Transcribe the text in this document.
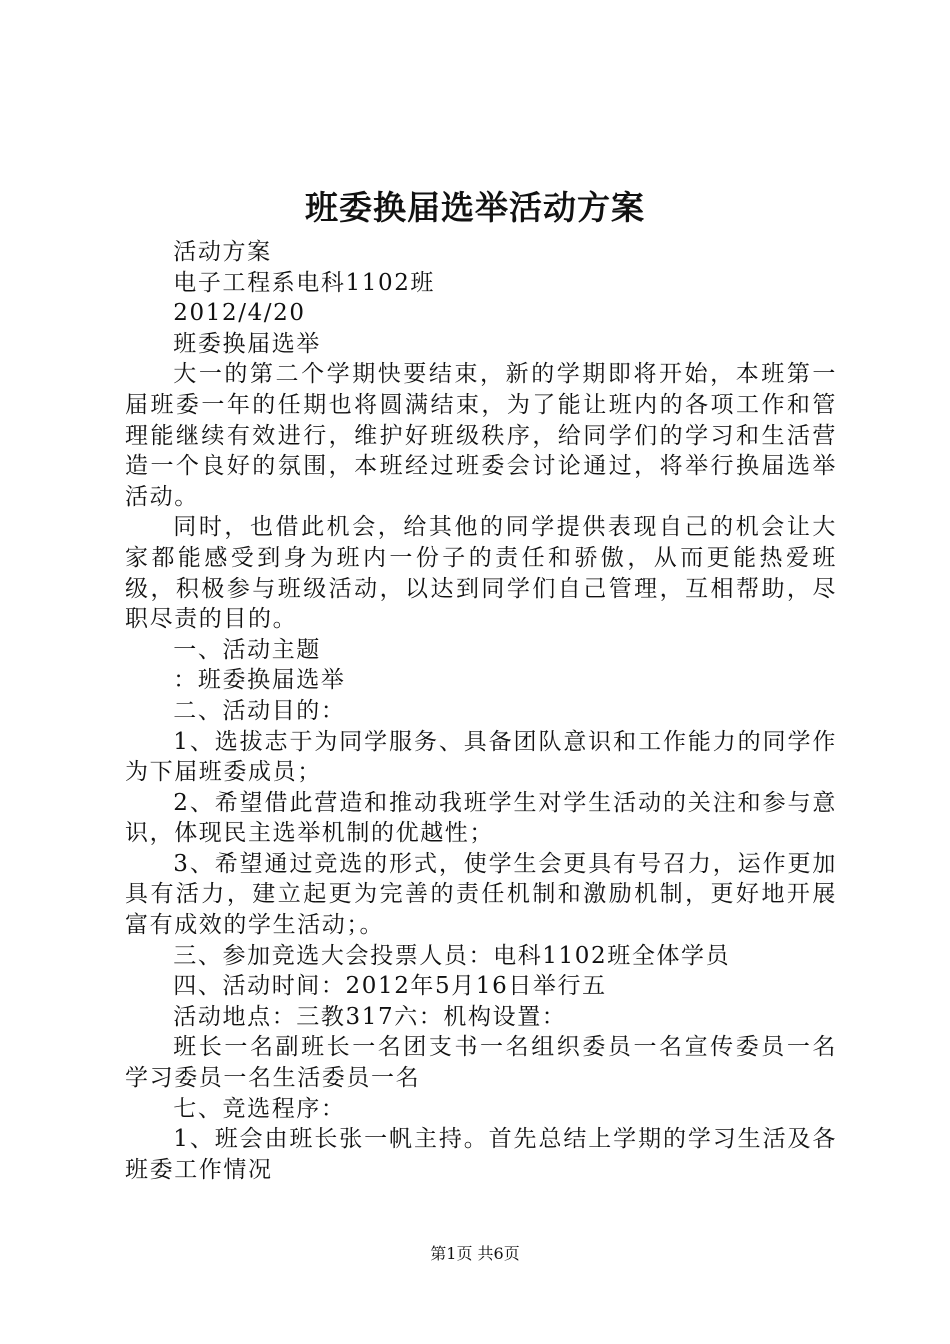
班委换届选举活动方案

活动方案

电子工程系电科1102班

2012/4/20

班委换届选举

大一的第二个学期快要结束，新的学期即将开始，本班第一届班委一年的任期也将圆满结束，为了能让班内的各项工作和管理能继续有效进行，维护好班级秩序，给同学们的学习和生活营造一个良好的氛围，本班经过班委会讨论通过，将举行换届选举活动。

同时，也借此机会，给其他的同学提供表现自己的机会让大家都能感受到身为班内一份子的责任和骄傲，从而更能热爱班级，积极参与班级活动，以达到同学们自己管理，互相帮助，尽职尽责的目的。

一、活动主题

：班委换届选举

二、活动目的：

1、选拔志于为同学服务、具备团队意识和工作能力的同学作为下届班委成员；

2、希望借此营造和推动我班学生对学生活动的关注和参与意识，体现民主选举机制的优越性；

3、希望通过竞选的形式，使学生会更具有号召力，运作更加具有活力，建立起更为完善的责任机制和激励机制，更好地开展富有成效的学生活动；。

三、参加竞选大会投票人员：电科1102班全体学员

四、活动时间：2012年5月16日举行五

活动地点：三教317六：机构设置：

班长一名副班长一名团支书一名组织委员一名宣传委员一名学习委员一名生活委员一名

七、竞选程序：

1、班会由班长张一帆主持。首先总结上学期的学习生活及各班委工作情况

第1页 共6页
